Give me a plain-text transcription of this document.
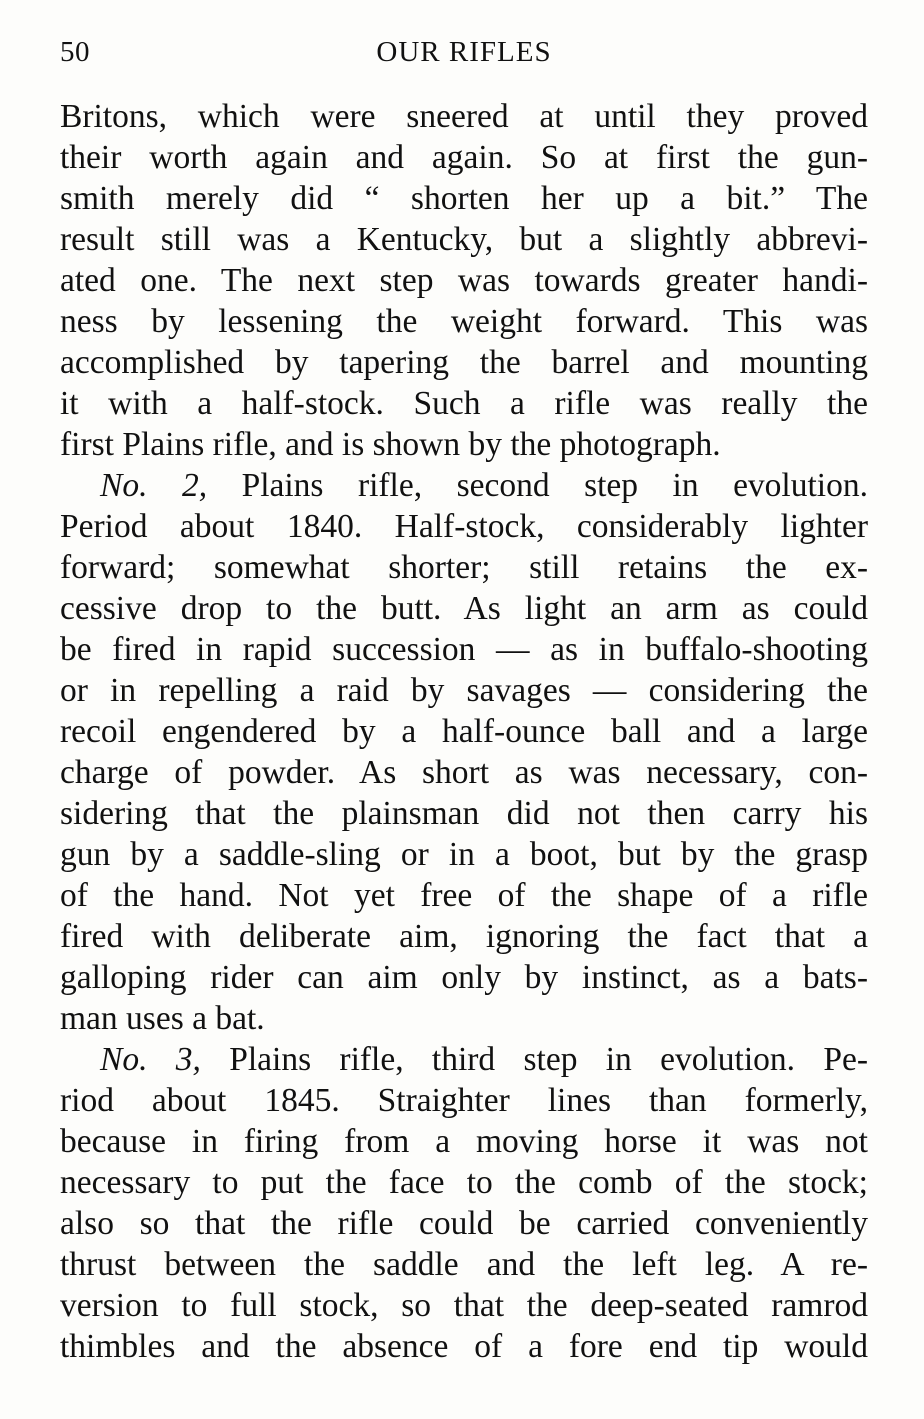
50	OUR RIFLES
Britons, which were sneered at until they proved
their worth again and again. So at first the gun-
smith merely did “ shorten her up a bit.” The
result still was a Kentucky, but a slightly abbrevi-
ated one. The next step was towards greater handi-
ness by lessening the weight forward. This was
accomplished by tapering the barrel and mounting
it with a half-stock. Such a rifle was really the
first Plains rifle, and is shown by the photograph.
No. 2, Plains rifle, second step in evolution.
Period about 1840. Half-stock, considerably lighter
forward; somewhat shorter; still retains the ex-
cessive drop to the butt. As light an arm as could
be fired in rapid succession — as in buffalo-shooting
or in repelling a raid by savages — considering the
recoil engendered by a half-ounce ball and a large
charge of powder. As short as was necessary, con-
sidering that the plainsman did not then carry his
gun by a saddle-sling or in a boot, but by the grasp
of the hand. Not yet free of the shape of a rifle
fired with deliberate aim, ignoring the fact that a
galloping rider can aim only by instinct, as a bats-
man uses a bat.
No. 3, Plains rifle, third step in evolution. Pe-
riod about 1845. Straighter lines than formerly,
because in firing from a moving horse it was not
necessary to put the face to the comb of the stock;
also so that the rifle could be carried conveniently
thrust between the saddle and the left leg. A re-
version to full stock, so that the deep-seated ramrod
thimbles and the absence of a fore end tip would
